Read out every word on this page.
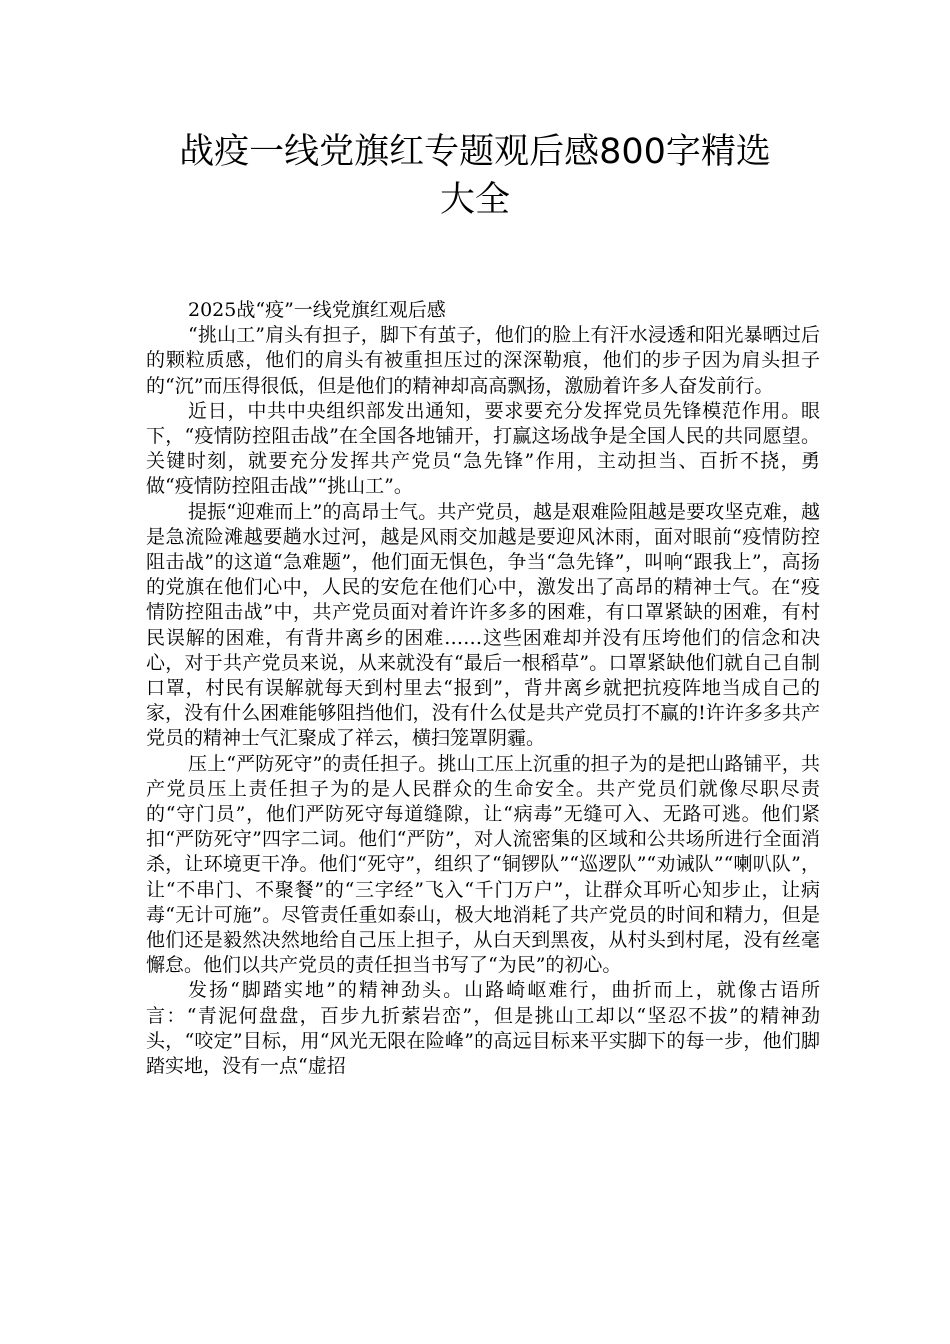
战疫一线党旗红专题观后感800字精选
大全

2025战“疫”一线党旗红观后感

“挑山工”肩头有担子，脚下有茧子，他们的脸上有汗水浸透和阳光暴晒过后的颗粒质感，他们的肩头有被重担压过的深深勒痕，他们的步子因为肩头担子的“沉”而压得很低，但是他们的精神却高高飘扬，激励着许多人奋发前行。

近日，中共中央组织部发出通知，要求要充分发挥党员先锋模范作用。眼下，“疫情防控阻击战”在全国各地铺开，打赢这场战争是全国人民的共同愿望。关键时刻，就要充分发挥共产党员“急先锋”作用，主动担当、百折不挠，勇做“疫情防控阻击战”“挑山工”。

提振“迎难而上”的高昂士气。共产党员，越是艰难险阻越是要攻坚克难，越是急流险滩越要趟水过河，越是风雨交加越是要迎风沐雨，面对眼前“疫情防控阻击战”的这道“急难题”，他们面无惧色，争当“急先锋”，叫响“跟我上”，高扬的党旗在他们心中，人民的安危在他们心中，激发出了高昂的精神士气。在“疫情防控阻击战”中，共产党员面对着许许多多的困难，有口罩紧缺的困难，有村民误解的困难，有背井离乡的困难……这些困难却并没有压垮他们的信念和决心，对于共产党员来说，从来就没有“最后一根稻草”。口罩紧缺他们就自己自制口罩，村民有误解就每天到村里去“报到”，背井离乡就把抗疫阵地当成自己的家，没有什么困难能够阻挡他们，没有什么仗是共产党员打不赢的!许许多多共产党员的精神士气汇聚成了祥云，横扫笼罩阴霾。

压上“严防死守”的责任担子。挑山工压上沉重的担子为的是把山路铺平，共产党员压上责任担子为的是人民群众的生命安全。共产党员们就像尽职尽责的“守门员”，他们严防死守每道缝隙，让“病毒”无缝可入、无路可逃。他们紧扣“严防死守”四字二词。他们“严防”，对人流密集的区域和公共场所进行全面消杀，让环境更干净。他们“死守”，组织了“铜锣队”“巡逻队”“劝诫队”“喇叭队”，让“不串门、不聚餐”的“三字经”飞入“千门万户”，让群众耳听心知步止，让病毒“无计可施”。尽管责任重如泰山，极大地消耗了共产党员的时间和精力，但是他们还是毅然决然地给自己压上担子，从白天到黑夜，从村头到村尾，没有丝毫懈怠。他们以共产党员的责任担当书写了“为民”的初心。

发扬“脚踏实地”的精神劲头。山路崎岖难行，曲折而上，就像古语所言：“青泥何盘盘，百步九折萦岩峦”，但是挑山工却以“坚忍不拔”的精神劲头，“咬定”目标，用“风光无限在险峰”的高远目标来平实脚下的每一步，他们脚踏实地，没有一点“虚招
